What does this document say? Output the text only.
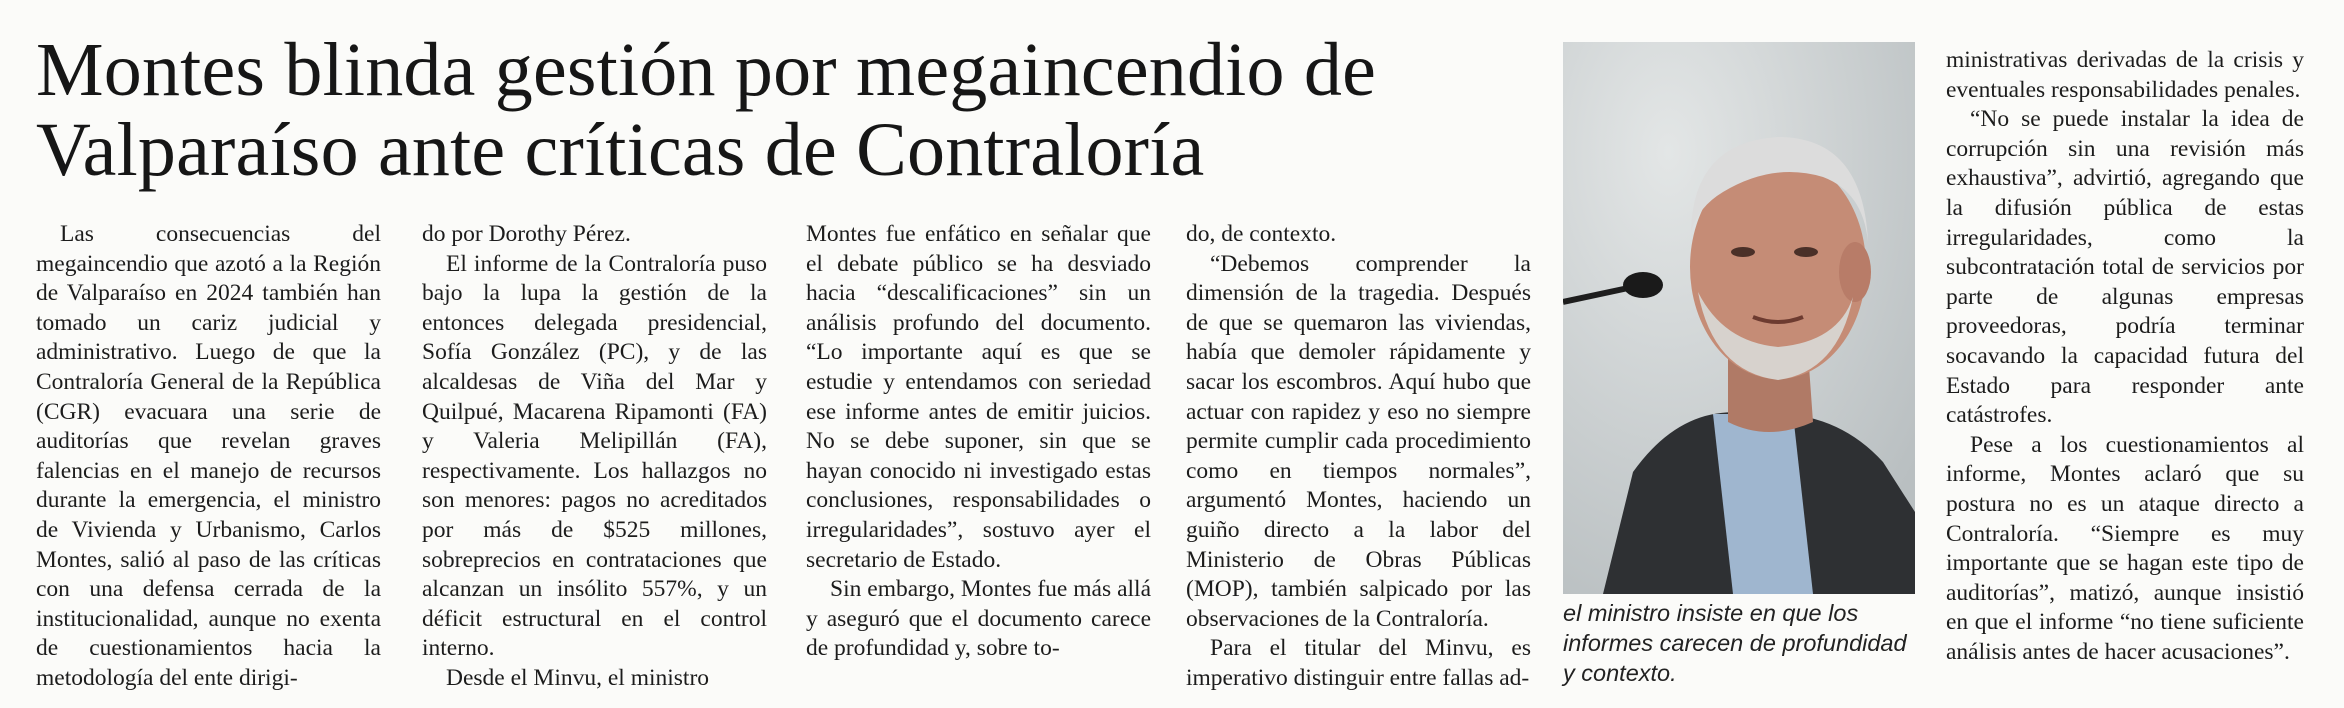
Montes blinda gestión por megaincendio de
Valparaíso ante críticas de Contraloría

Las consecuencias del megaincendio que azotó a la Región de Valparaíso en 2024 también han tomado un cariz judicial y administrativo. Luego de que la Contraloría General de la República (CGR) evacuara una serie de auditorías que revelan graves falencias en el manejo de recursos durante la emergencia, el ministro de Vivienda y Urbanismo, Carlos Montes, salió al paso de las críticas con una defensa cerrada de la institucionalidad, aunque no exenta de cuestionamientos hacia la metodología del ente dirigi-

do por Dorothy Pérez.

El informe de la Contraloría puso bajo la lupa la gestión de la entonces delegada presidencial, Sofía González (PC), y de las alcaldesas de Viña del Mar y Quilpué, Macarena Ripamonti (FA) y Valeria Melipillán (FA), respectivamente. Los hallazgos no son menores: pagos no acreditados por más de $525 millones, sobreprecios en contrataciones que alcanzan un insólito 557%, y un déficit estructural en el control interno.

Desde el Minvu, el ministro

Montes fue enfático en señalar que el debate público se ha desviado hacia “descalificaciones” sin un análisis profundo del documento. “Lo importante aquí es que se estudie y entendamos con seriedad ese informe antes de emitir juicios. No se debe suponer, sin que se hayan conocido ni investigado estas conclusiones, responsabilidades o irregularidades”, sostuvo ayer el secretario de Estado.

Sin embargo, Montes fue más allá y aseguró que el documento carece de profundidad y, sobre to-

do, de contexto.

“Debemos comprender la dimensión de la tragedia. Después de que se quemaron las viviendas, había que demoler rápidamente y sacar los escombros. Aquí hubo que actuar con rapidez y eso no siempre permite cumplir cada procedimiento como en tiempos normales”, argumentó Montes, haciendo un guiño directo a la labor del Ministerio de Obras Públicas (MOP), también salpicado por las observaciones de la Contraloría.

Para el titular del Minvu, es imperativo distinguir entre fallas ad-

el ministro insiste en que los informes carecen de profundidad y contexto.

ministrativas derivadas de la crisis y eventuales responsabilidades penales.

“No se puede instalar la idea de corrupción sin una revisión más exhaustiva”, advirtió, agregando que la difusión pública de estas irregularidades, como la subcontratación total de servicios por parte de algunas empresas proveedoras, podría terminar socavando la capacidad futura del Estado para responder ante catástrofes.

Pese a los cuestionamientos al informe, Montes aclaró que su postura no es un ataque directo a Contraloría. “Siempre es muy importante que se hagan este tipo de auditorías”, matizó, aunque insistió en que el informe “no tiene suficiente análisis antes de hacer acusaciones”.
